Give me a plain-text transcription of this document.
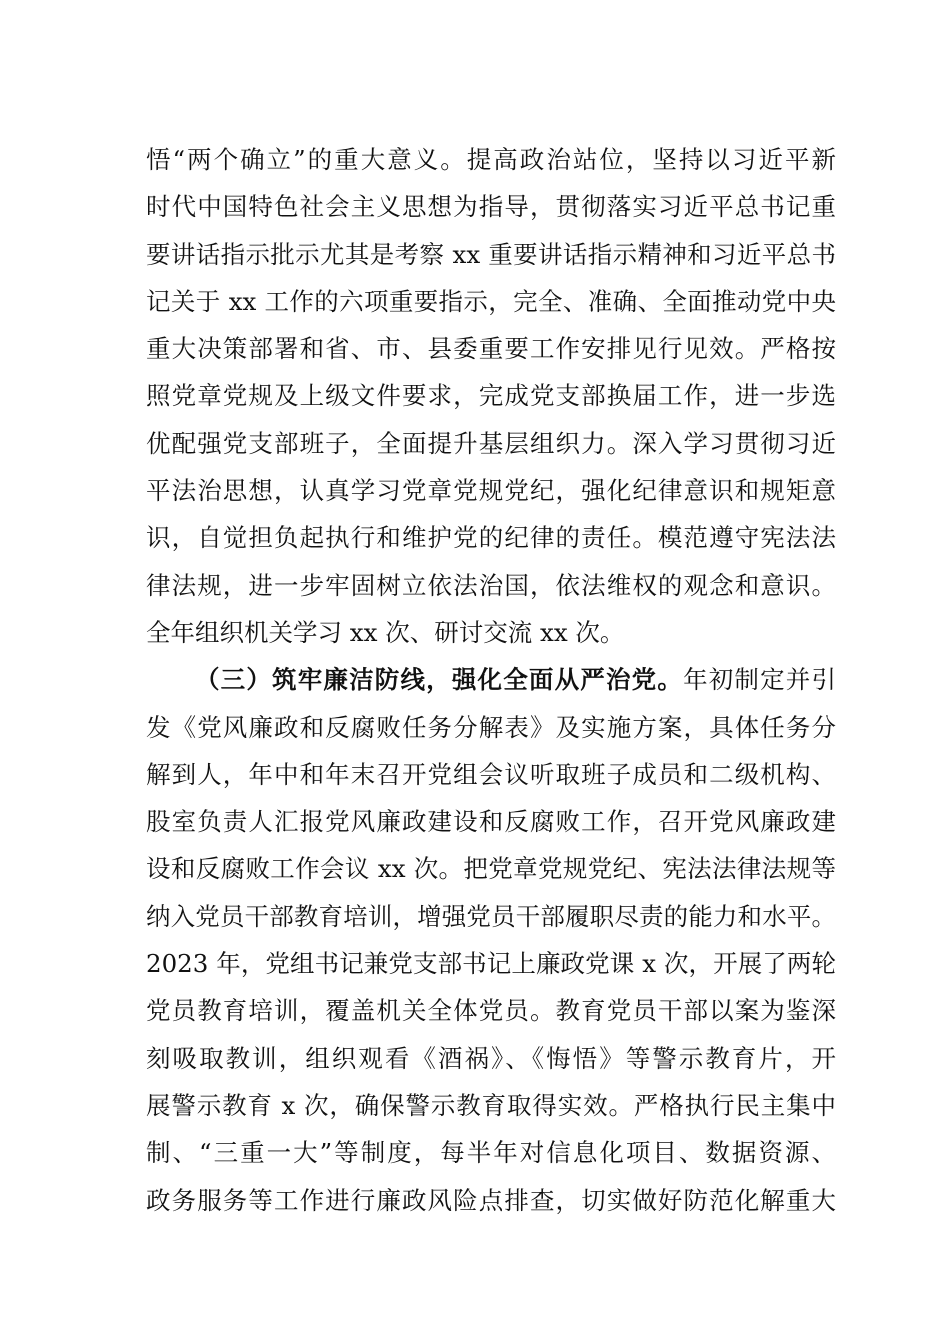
悟“两个确立”的重大意义。提高政治站位，坚持以习近平新
时代中国特色社会主义思想为指导，贯彻落实习近平总书记重
要讲话指示批示尤其是考察 xx 重要讲话指示精神和习近平总书
记关于 xx 工作的六项重要指示，完全、准确、全面推动党中央
重大决策部署和省、市、县委重要工作安排见行见效。严格按
照党章党规及上级文件要求，完成党支部换届工作，进一步选
优配强党支部班子，全面提升基层组织力。深入学习贯彻习近
平法治思想，认真学习党章党规党纪，强化纪律意识和规矩意
识，自觉担负起执行和维护党的纪律的责任。模范遵守宪法法
律法规，进一步牢固树立依法治国，依法维权的观念和意识。
全年组织机关学习 xx 次、研讨交流 xx 次。
（三）筑牢廉洁防线，强化全面从严治党。年初制定并引
发《党风廉政和反腐败任务分解表》及实施方案，具体任务分
解到人，年中和年末召开党组会议听取班子成员和二级机构、
股室负责人汇报党风廉政建设和反腐败工作，召开党风廉政建
设和反腐败工作会议 xx 次。把党章党规党纪、宪法法律法规等
纳入党员干部教育培训，增强党员干部履职尽责的能力和水平。
2023 年，党组书记兼党支部书记上廉政党课 x 次，开展了两轮
党员教育培训，覆盖机关全体党员。教育党员干部以案为鉴深
刻吸取教训，组织观看《酒祸》、《悔悟》等警示教育片，开
展警示教育 x 次，确保警示教育取得实效。严格执行民主集中
制、“三重一大”等制度，每半年对信息化项目、数据资源、
政务服务等工作进行廉政风险点排查，切实做好防范化解重大
